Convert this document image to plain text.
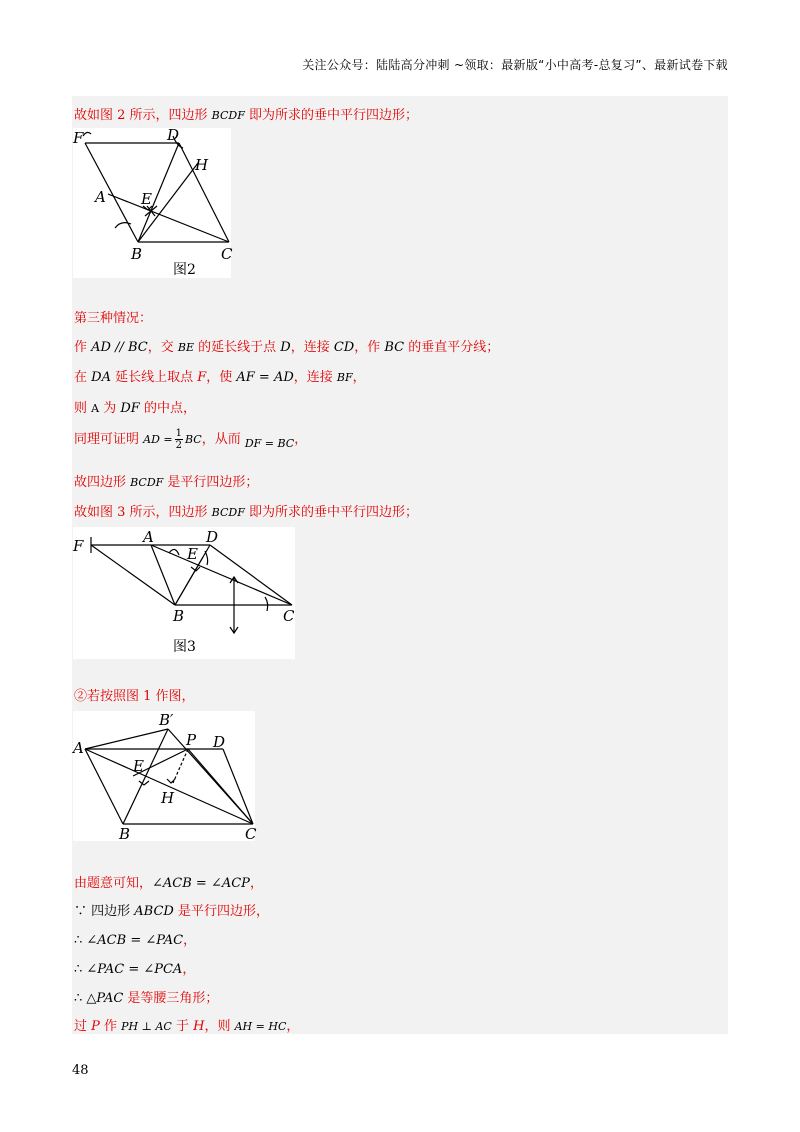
关注公众号：陆陆高分冲刺 ~领取：最新版“小中高考-总复习”、最新试卷下载
故如图 2 所示，四边形 BCDF 即为所求的垂中平行四边形；
F	D
H
A E
B	C
图2
第三种情况：
作 AD // BC，交 BE 的延长线于点 D，连接 CD，作 BC 的垂直平分线；
在 DA 延长线上取点 F，使 AF = AD，连接 BF，
则 A 为 DF 的中点，
同理可证明 AD = $\frac{1}{2}$ BC，从而 $_{DF = BC}$，
故四边形 BCDF 是平行四边形；
故如图 3 所示，四边形 BCDF 即为所求的垂中平行四边形；
F	A	D
E
B	C
图3
②若按照图 1 作图，
A
B′
P D
E
H
B	C
由题意可知，∠ACB = ∠ACP，
∵ 四边形 ABCD 是平行四边形，
∴ ∠ACB = ∠PAC，
∴ ∠PAC = ∠PCA，
∴ △PAC 是等腰三角形；
过 P 作 PH ⊥ AC 于 H，则 AH = HC，
48
